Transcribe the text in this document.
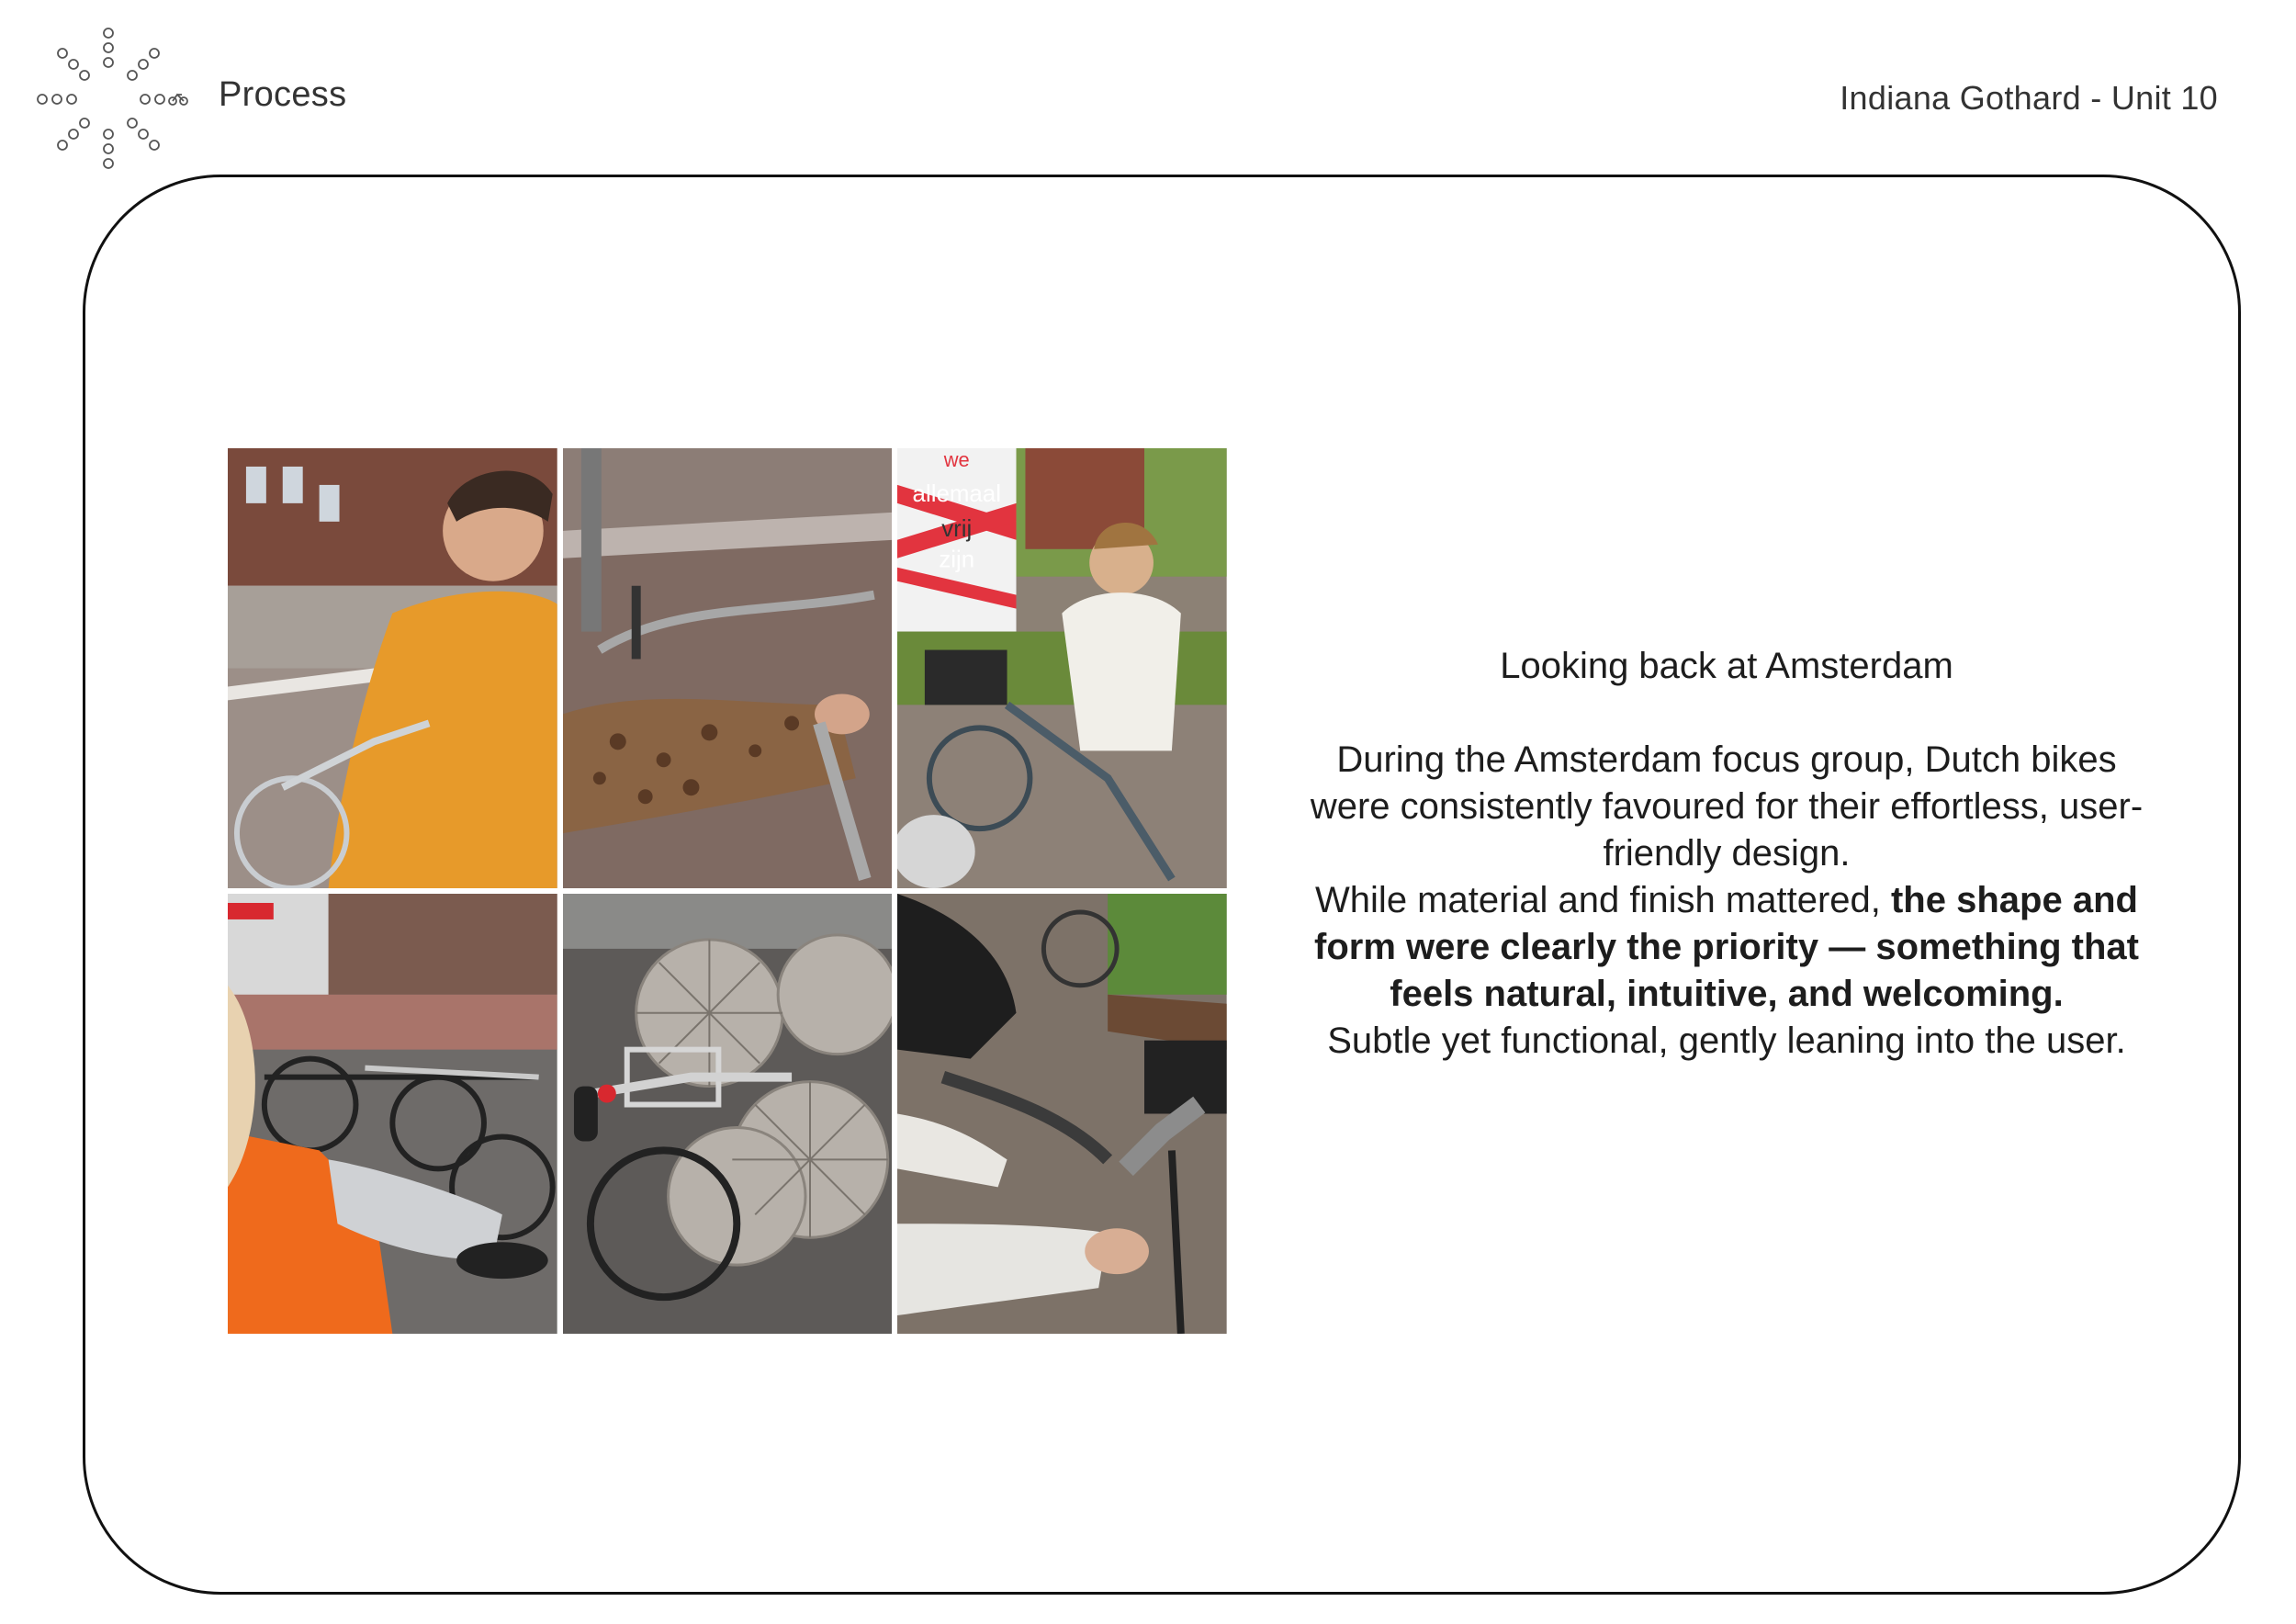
Process	Indiana Gothard - Unit 10
we
allemaal
vrij
zijn

Looking back at Amsterdam

During the Amsterdam focus group, Dutch bikes were consistently favoured for their effortless, user-friendly design.

While material and finish mattered, the shape and form were clearly the priority — something that feels natural, intuitive, and welcoming.

Subtle yet functional, gently leaning into the user.
